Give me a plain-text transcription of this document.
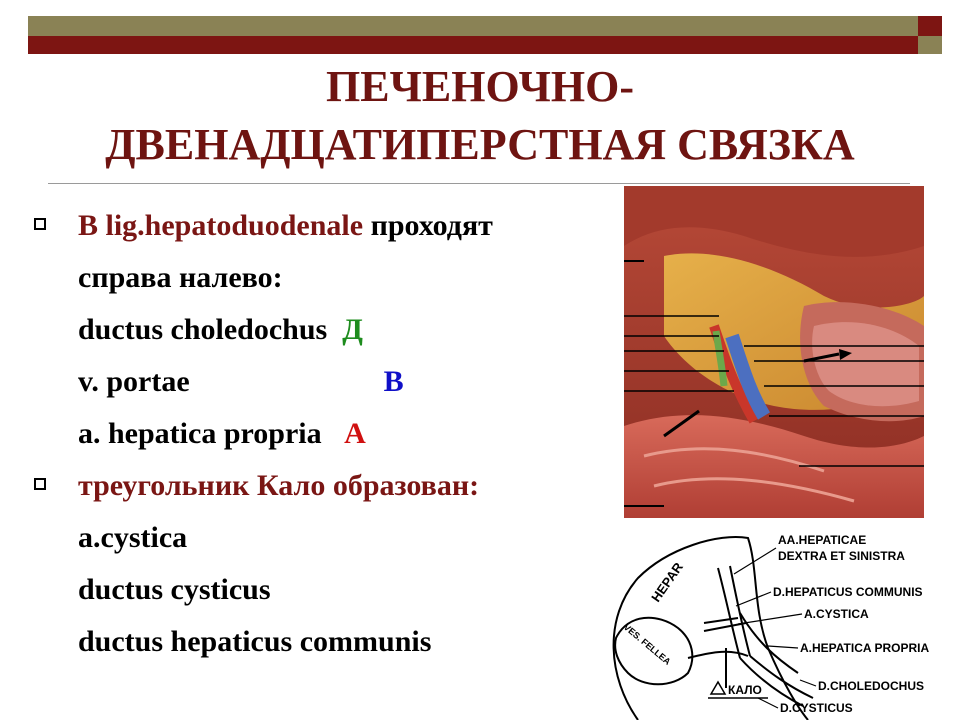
ПЕЧЕНОЧНО-
ДВЕНАДЦАТИПЕРСТНАЯ СВЯЗКА
В lig.hepatoduodenale проходят
справа налево:
ductus choledochus Д
v. portae	В
a. hepatica propria А
треугольник Кало образован:
a.cystica
ductus cysticus
ductus hepaticus communis
HEPAR
VES. FELLEA
КАЛО
AA.HEPATICAE
DEXTRA ET SINISTRA
D.HEPATICUS COMMUNIS
A.CYSTICA
A.HEPATICA PROPRIA
D.CHOLEDOCHUS
D.CYSTICUS
